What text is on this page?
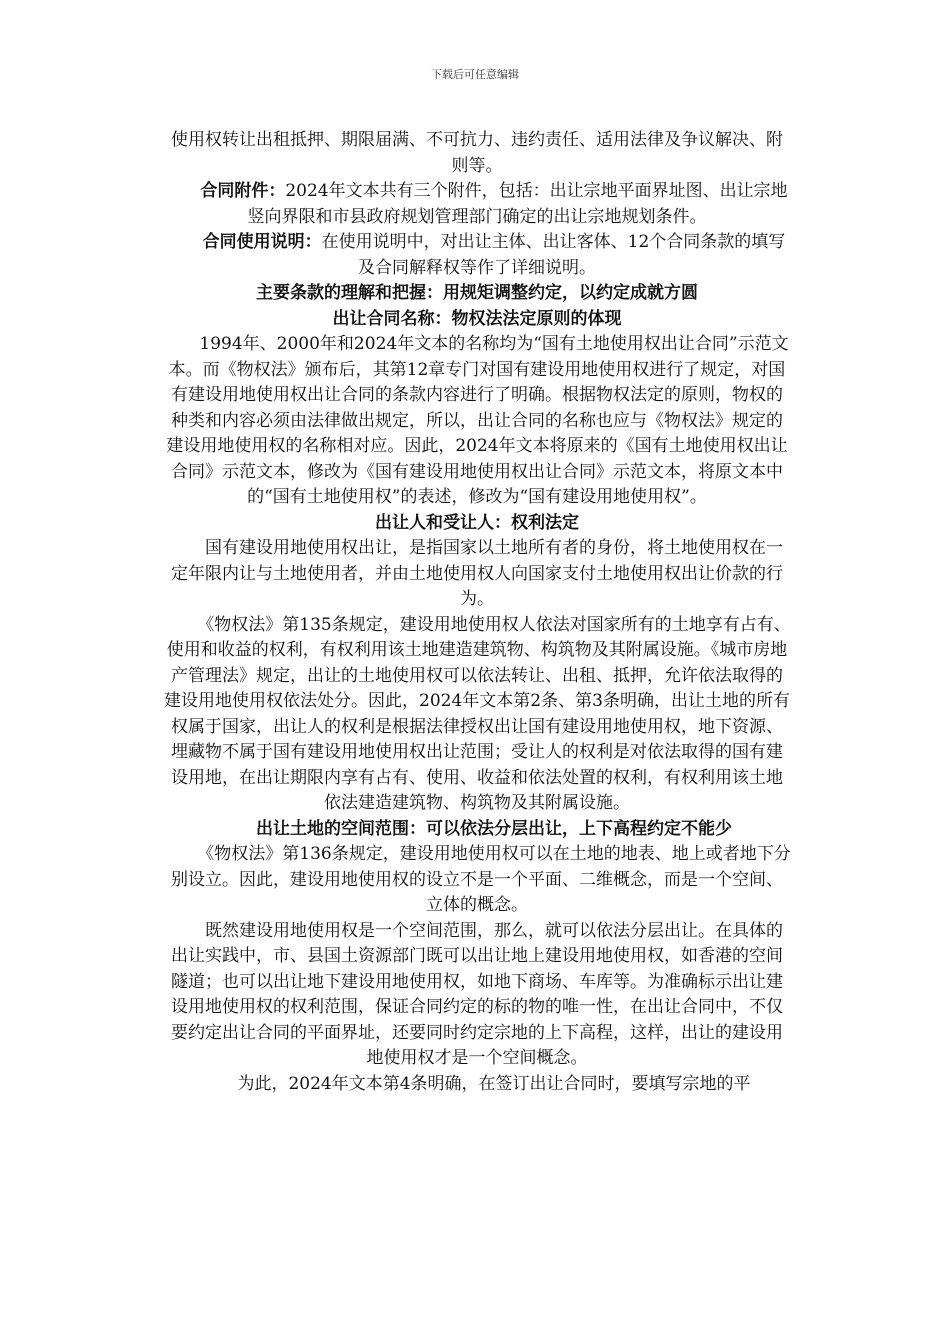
下载后可任意编辑

使用权转让出租抵押、期限届满、不可抗力、违约责任、适用法律及争议解决、附则等。

合同附件：2024年文本共有三个附件，包括：出让宗地平面界址图、出让宗地竖向界限和市县政府规划管理部门确定的出让宗地规划条件。

合同使用说明：在使用说明中，对出让主体、出让客体、12个合同条款的填写及合同解释权等作了详细说明。

主要条款的理解和把握：用规矩调整约定，以约定成就方圆
出让合同名称：物权法法定原则的体现

1994年、2000年和2024年文本的名称均为“国有土地使用权出让合同”示范文本。而《物权法》颁布后，其第12章专门对国有建设用地使用权进行了规定，对国有建设用地使用权出让合同的条款内容进行了明确。根据物权法定的原则，物权的种类和内容必须由法律做出规定，所以，出让合同的名称也应与《物权法》规定的建设用地使用权的名称相对应。因此，2024年文本将原来的《国有土地使用权出让合同》示范文本，修改为《国有建设用地使用权出让合同》示范文本，将原文本中的“国有土地使用权”的表述，修改为“国有建设用地使用权”。

出让人和受让人：权利法定

国有建设用地使用权出让，是指国家以土地所有者的身份，将土地使用权在一定年限内让与土地使用者，并由土地使用权人向国家支付土地使用权出让价款的行为。

《物权法》第135条规定，建设用地使用权人依法对国家所有的土地享有占有、使用和收益的权利，有权利用该土地建造建筑物、构筑物及其附属设施。《城市房地产管理法》规定，出让的土地使用权可以依法转让、出租、抵押，允许依法取得的建设用地使用权依法处分。因此，2024年文本第2条、第3条明确，出让土地的所有权属于国家，出让人的权利是根据法律授权出让国有建设用地使用权，地下资源、埋藏物不属于国有建设用地使用权出让范围；受让人的权利是对依法取得的国有建设用地，在出让期限内享有占有、使用、收益和依法处置的权利，有权利用该土地依法建造建筑物、构筑物及其附属设施。

出让土地的空间范围：可以依法分层出让，上下高程约定不能少

《物权法》第136条规定，建设用地使用权可以在土地的地表、地上或者地下分别设立。因此，建设用地使用权的设立不是一个平面、二维概念，而是一个空间、立体的概念。

既然建设用地使用权是一个空间范围，那么，就可以依法分层出让。在具体的出让实践中，市、县国土资源部门既可以出让地上建设用地使用权，如香港的空间隧道；也可以出让地下建设用地使用权，如地下商场、车库等。为准确标示出让建设用地使用权的权利范围，保证合同约定的标的物的唯一性，在出让合同中，不仅要约定出让合同的平面界址，还要同时约定宗地的上下高程，这样，出让的建设用地使用权才是一个空间概念。

为此，2024年文本第4条明确，在签订出让合同时，要填写宗地的平
